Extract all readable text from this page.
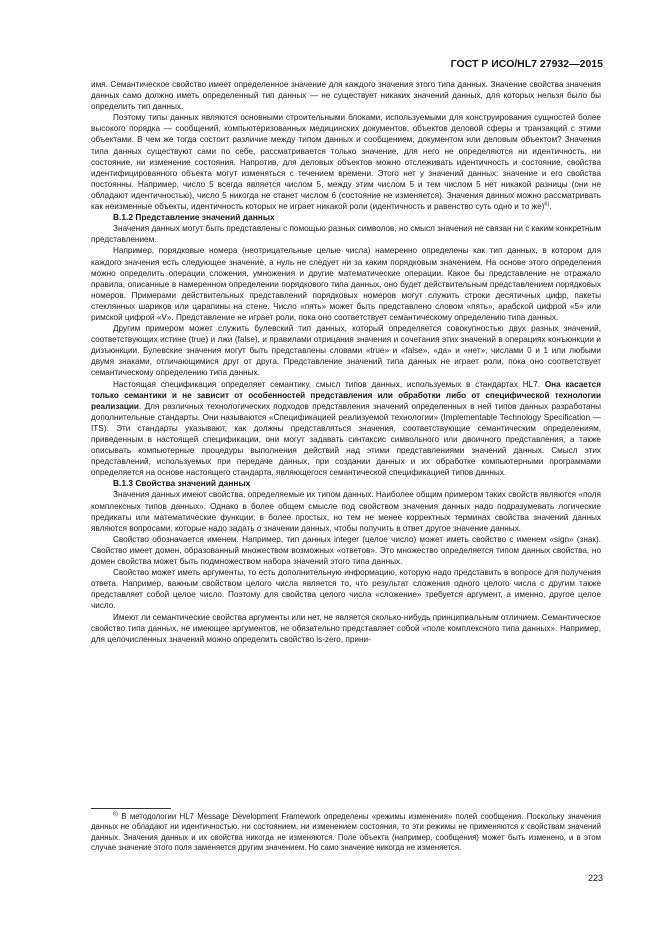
ГОСТ Р ИСО/HL7 27932—2015

имя. Семантическое свойство имеет определенное значение для каждого значения этого типа данных. Значение свойства значения данных само должно иметь определенный тип данных — не существует никаких значений данных, для которых нельзя было бы определить тип данных.

Поэтому типы данных являются основными строительными блоками, используемыми для конструирования сущностей более высокого порядка — сообщений, компьютеризованных медицинских документов, объектов деловой сферы и транзакций с этими объектами. В чем же тогда состоит различие между типом данных и сообщением, документом или деловым объектом? Значения типа данных существуют сами по себе, рассматривается только значение, для него не определяются ни идентичность, ни состояние, ни изменение состояния. Напротив, для деловых объектов можно отслеживать идентичность и состояние, свойства идентифицированного объекта могут изменяться с течением времени. Этого нет у значений данных: значение и его свойства постоянны. Например, число 5 всегда является числом 5, между этим числом 5 и тем числом 5 нет никакой разницы (они не обладают идентичностью), число 5 никогда не станет числом 6 (состояние не изменяется). Значения данных можно рассматривать как неизменные объекты, идентичность которых не играет никакой роли (идентичность и равенство суть одно и то же)$^{6)}$.

B.1.2 Представление значений данных

Значения данных могут быть представлены с помощью разных символов, но смысл значения не связан ни с каким конкретным представлением.

Например, порядковые номера (неотрицательные целые числа) намеренно определены как тип данных, в котором для каждого значения есть следующее значение, а нуль не следует ни за каким порядковым значением. На основе этого определения можно определить операции сложения, умножения и другие математические операции. Какое бы представление не отражало правила, описанные в намеренном определении порядкового типа данных, оно будет действительным представлением порядковых номеров. Примерами действительных представлений порядковых номеров могут служить строки десятичных цифр, пакеты стеклянных шариков или царапины на стене. Число «пять» может быть представлено словом «пять», арабской цифрой «5» или римской цифрой «V». Представление не играет роли, пока оно соответствует семантическому определению типа данных.

Другим примером может служить булевский тип данных, который определяется совокупностью двух разных значений, соответствующих истине (true) и лжи (false), и правилами отрицания значения и сочетания этих значений в операциях конъюнкции и дизъюнкции. Булевские значения могут быть представлены словами «true» и «false», «да» и «нет», числами 0 и 1 или любыми двумя знаками, отличающимися друг от друга. Представление значений типа данных не играет роли, пока оно соответствует семантическому определению типа данных.

Настоящая спецификация определяет семантику, смысл типов данных, используемых в стандартах HL7. Она касается только семантики и не зависит от особенностей представления или обработки либо от специфической технологии реализации. Для различных технологических подходов представления значений определенных в ней типов данных разработаны дополнительные стандарты. Они называются «Спецификацией реализуемой технологии» (Implementable Technology Specification — ITS). Эти стандарты указывают, как должны представляться значения, соответствующие семантическим определениям, приведенным в настоящей спецификации, они могут задавать синтаксис символьного или двоичного представления, а также описывать компьютерные процедуры выполнения действий над этими представлениями значений данных. Смысл этих представлений, используемых при передаче данных, при создании данных и их обработке компьютерными программами определяется на основе настоящего стандарта, являющегося семантической спецификацией типов данных.

B.1.3 Свойства значений данных

Значения данных имеют свойства, определяемые их типом данных. Наиболее общим примером таких свойств являются «поля комплексных типов данных». Однако в более общем смысле под свойством значения данных надо подразумевать логические предикаты или математические функции; в более простых, но тем не менее корректных терминах свойства значений данных являются вопросами, которые надо задать о значении данных, чтобы получить в ответ другое значение данных.

Свойство обозначается именем. Например, тип данных integer (целое число) может иметь свойство с именем «sign» (знак). Свойство имеет домен, образованный множеством возможных «ответов». Это множество определяется типом данных свойства, но домен свойства может быть подмножеством набора значений этого типа данных.

Свойство может иметь аргументы, то есть дополнительную информацию, которую надо представить в вопросе для получения ответа. Например, важным свойством целого числа является то, что результат сложения одного целого числа с другим также представляет собой целое число. Поэтому для свойства целого числа «сложение» требуется аргумент, а именно, другое целое число.

Имеют ли семантические свойства аргументы или нет, не является сколько-нибудь принципиальным отличием. Семантическое свойство типа данных, не имеющее аргументов, не обязательно представляет собой «поле комплексного типа данных». Например, для целочисленных значений можно определить свойство is-zero, прини-

$^{6)}$ В методологии HL7 Message Development Framework определены «режимы изменения» полей сообщения. Поскольку значения данных не обладают ни идентичностью, ни состоянием, ни изменением состояния, то эти режимы не применяются к свойствам значений данных. Значения данных и их свойства никогда не изменяются. Поле объекта (например, сообщения) может быть изменено, и в этом случае значение этого поля заменяется другим значением. Но само значение никогда не изменяется.

223
